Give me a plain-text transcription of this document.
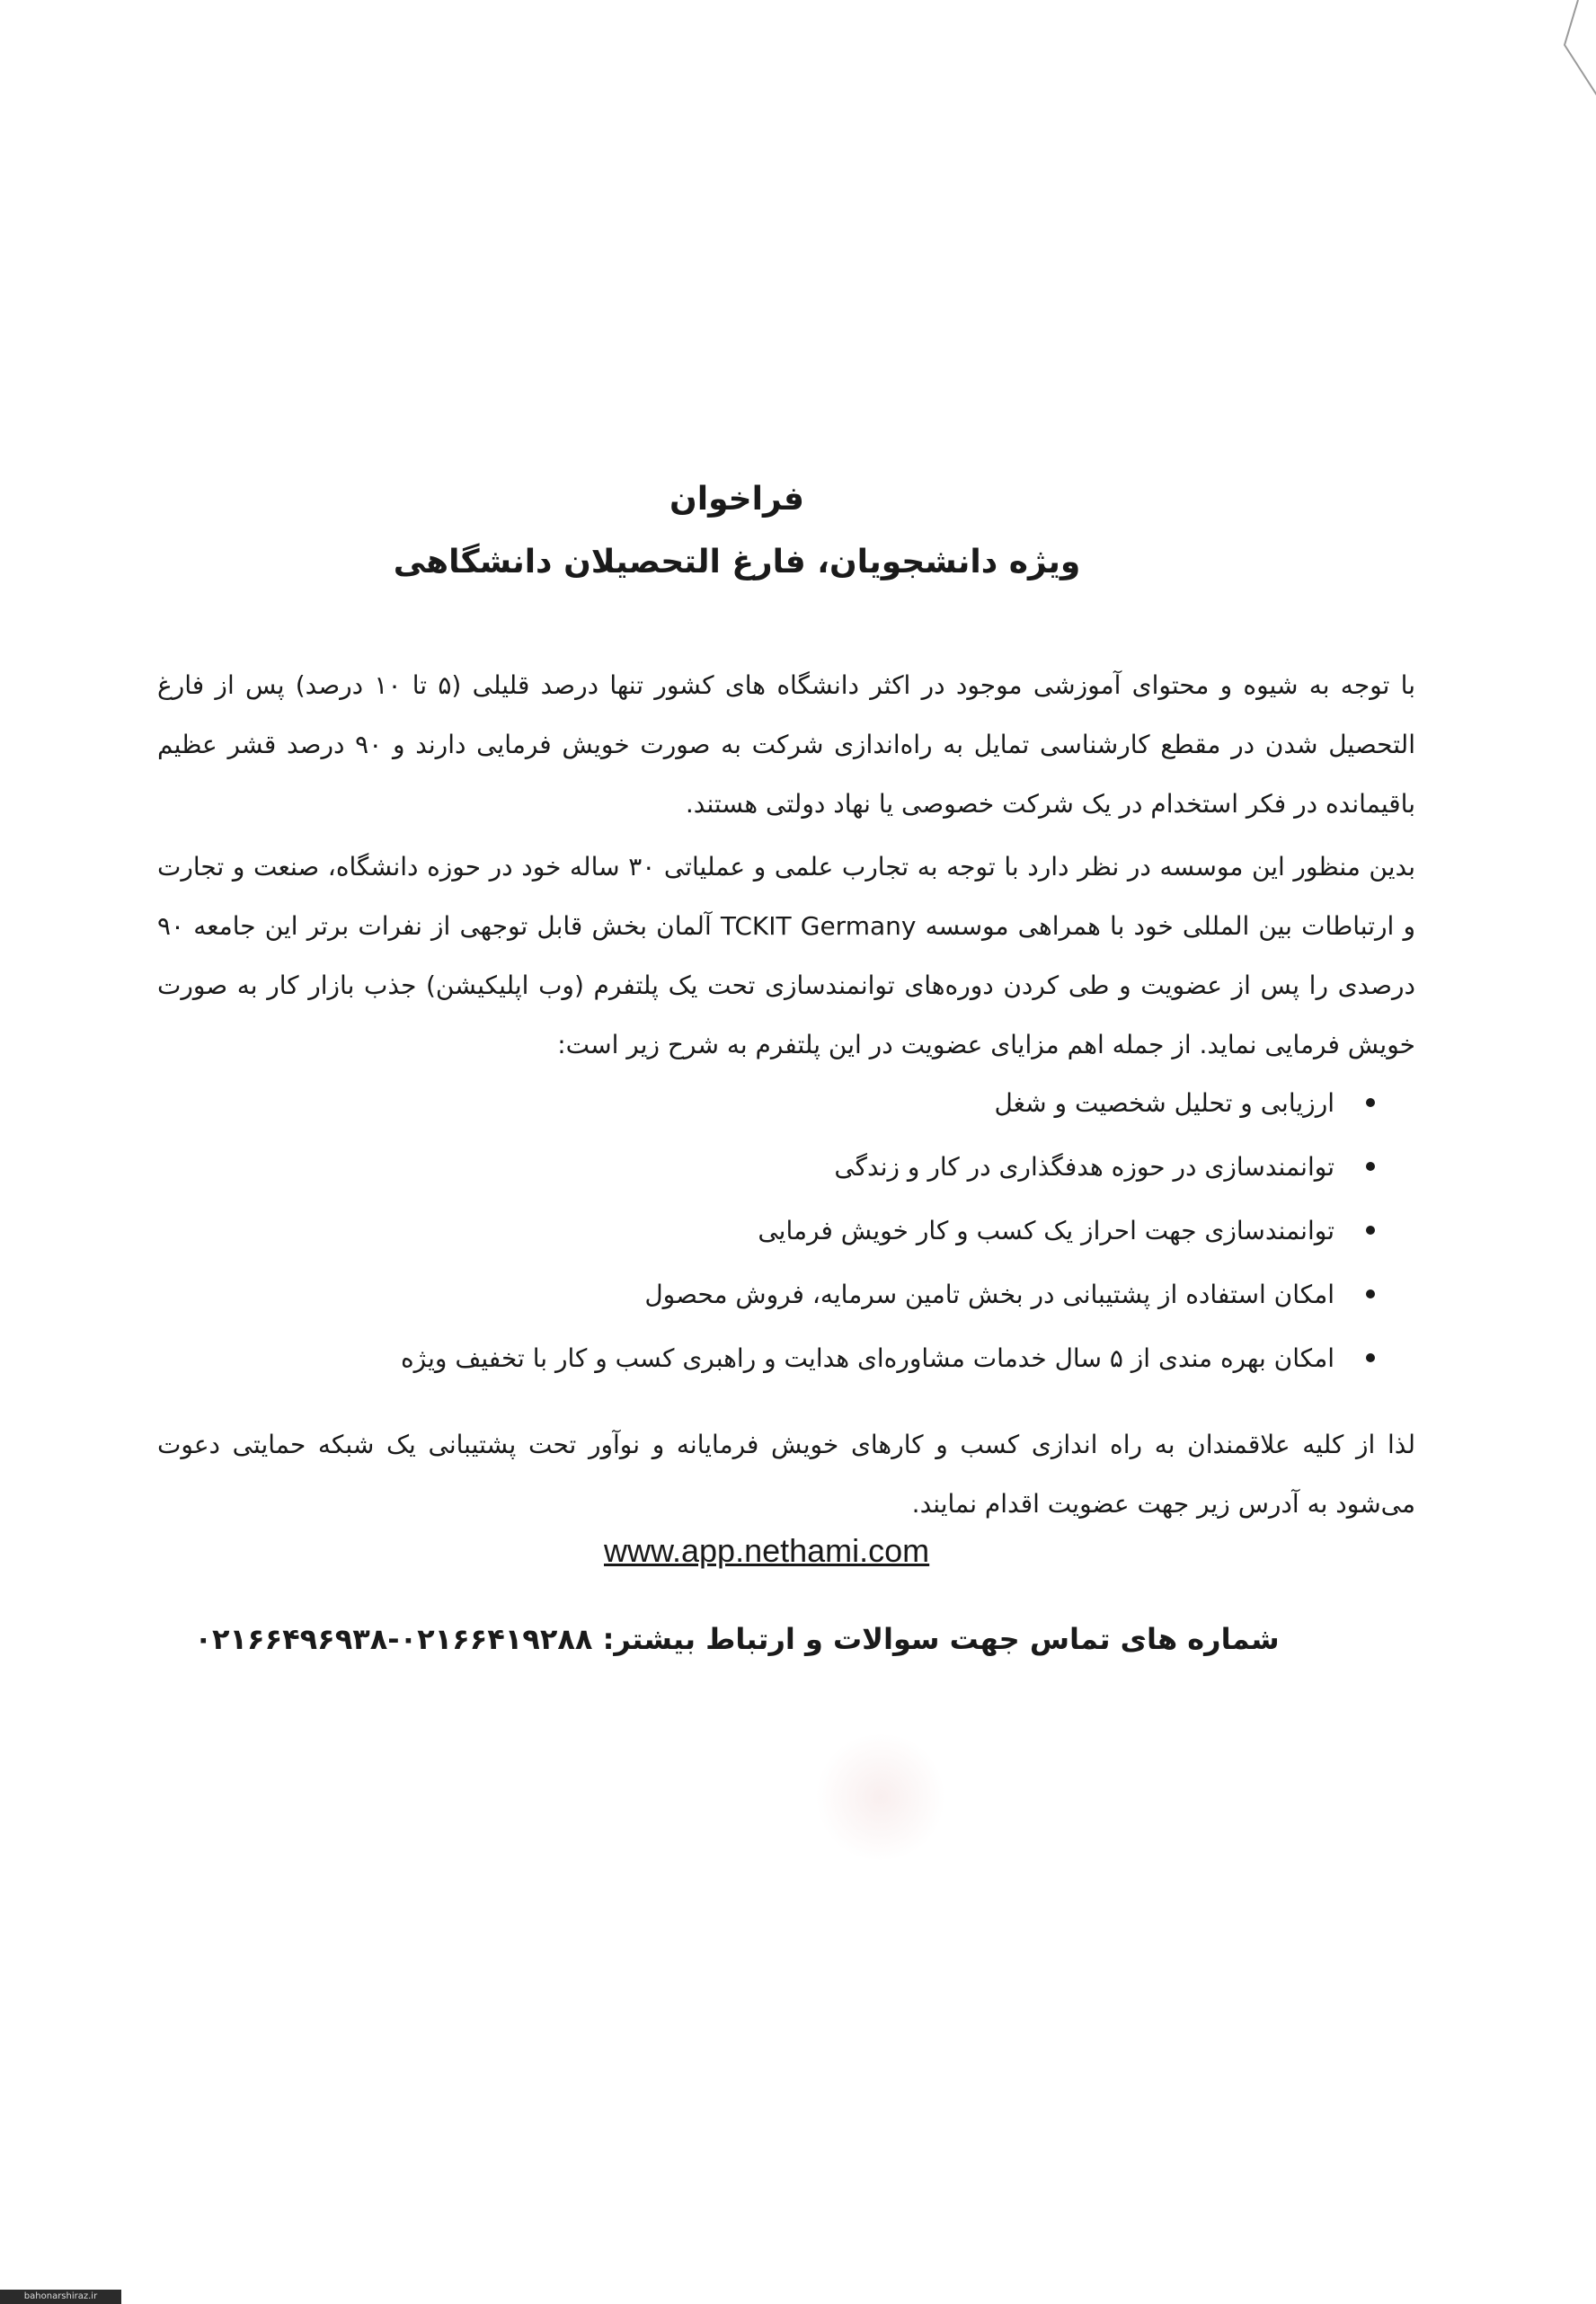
فراخوان
ویژه دانشجویان، فارغ التحصیلان دانشگاهی
با توجه به شیوه و محتوای آموزشی موجود در اکثر دانشگاه های کشور تنها درصد قلیلی (۵ تا ۱۰ درصد) پس از فارغ التحصیل شدن در مقطع کارشناسی تمایل به راه‌اندازی شرکت به صورت خویش فرمایی دارند و ۹۰ درصد قشر عظیم باقیمانده در فکر استخدام در یک شرکت خصوصی یا نهاد دولتی هستند.
بدین منظور این موسسه در نظر دارد با توجه به تجارب علمی و عملیاتی ۳۰ ساله خود در حوزه دانشگاه، صنعت و تجارت و ارتباطات بین المللی خود با همراهی موسسه TCKIT Germany آلمان بخش قابل توجهی از نفرات برتر این جامعه ۹۰ درصدی را پس از عضویت و طی کردن دوره‌های توانمندسازی تحت یک پلتفرم (وب اپلیکیشن) جذب بازار کار به صورت خویش فرمایی نماید. از جمله اهم مزایای عضویت در این پلتفرم به شرح زیر است:
ارزیابی و تحلیل شخصیت و شغل
توانمندسازی در حوزه هدفگذاری در کار و زندگی
توانمندسازی جهت احراز یک کسب و کار خویش فرمایی
امکان استفاده از پشتیبانی در بخش تامین سرمایه، فروش محصول
امکان بهره مندی از ۵ سال خدمات مشاوره‌ای هدایت و راهبری کسب و کار با تخفیف ویژه
لذا از کلیه علاقمندان به راه اندازی کسب و کارهای خویش فرمایانه و نوآور تحت پشتیبانی یک شبکه حمایتی دعوت می‌شود به آدرس زیر جهت عضویت اقدام نمایند.
www.app.nethami.com
شماره های تماس جهت سوالات و ارتباط بیشتر: ۰۲۱۶۶۴۱۹۲۸۸-۰۲۱۶۶۴۹۶۹۳۸
bahonarshiraz.ir
